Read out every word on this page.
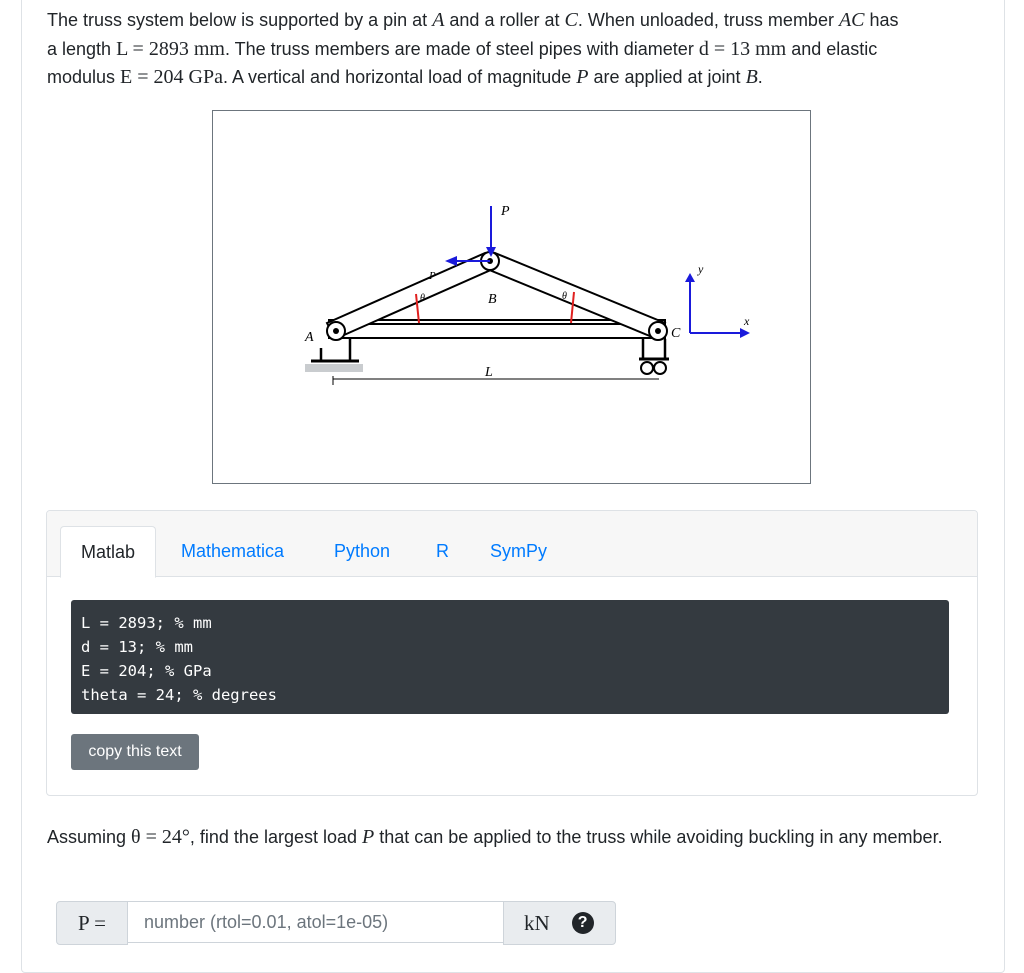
The truss system below is supported by a pin at A and a roller at C. When unloaded, truss member AC has

a length L = 2893 mm. The truss members are made of steel pipes with diameter d = 13 mm and elastic

modulus E = 204 GPa. A vertical and horizontal load of magnitude P are applied at joint B.

L
A
B
C
θ	θ
P
P	y
x
Matlab	Mathematica	Python	R SymPy
L = 2893; % mm
d = 13; % mm
E = 204; % GPa
theta = 24; % degrees
copy this text
Assuming θ = 24°, find the largest load P that can be applied to the truss while avoiding buckling in any member.
P =
number (rtol=0.01, atol=1e-05)	kN	?
